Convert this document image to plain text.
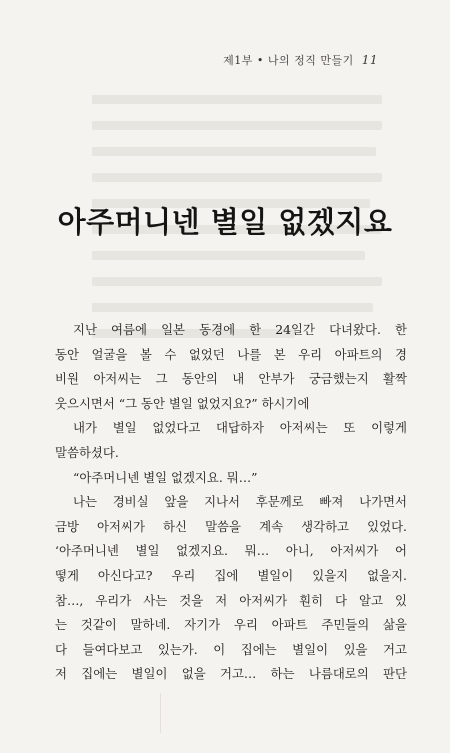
제1부 • 나의 정직 만들기 11
아주머니넨 별일 없겠지요
지난 여름에 일본 동경에 한 24일간 다녀왔다. 한
동안 얼굴을 볼 수 없었던 나를 본 우리 아파트의 경
비원 아저씨는 그 동안의 내 안부가 궁금했는지 활짝
웃으시면서 “그 동안 별일 없었지요?” 하시기에
내가 별일 없었다고 대답하자 아저씨는 또 이렇게
말씀하셨다.
“아주머니넨 별일 없겠지요. 뭐…”
나는 경비실 앞을 지나서 후문께로 빠져 나가면서
금방 아저씨가 하신 말씀을 계속 생각하고 있었다.
‘아주머니넨 별일 없겠지요. 뭐… 아니, 아저씨가 어
떻게 아신다고? 우리 집에 별일이 있을지 없을지.
참…, 우리가 사는 것을 저 아저씨가 훤히 다 알고 있
는 것같이 말하네. 자기가 우리 아파트 주민들의 삶을
다 들여다보고 있는가. 이 집에는 별일이 있을 거고
저 집에는 별일이 없을 거고… 하는 나름대로의 판단
